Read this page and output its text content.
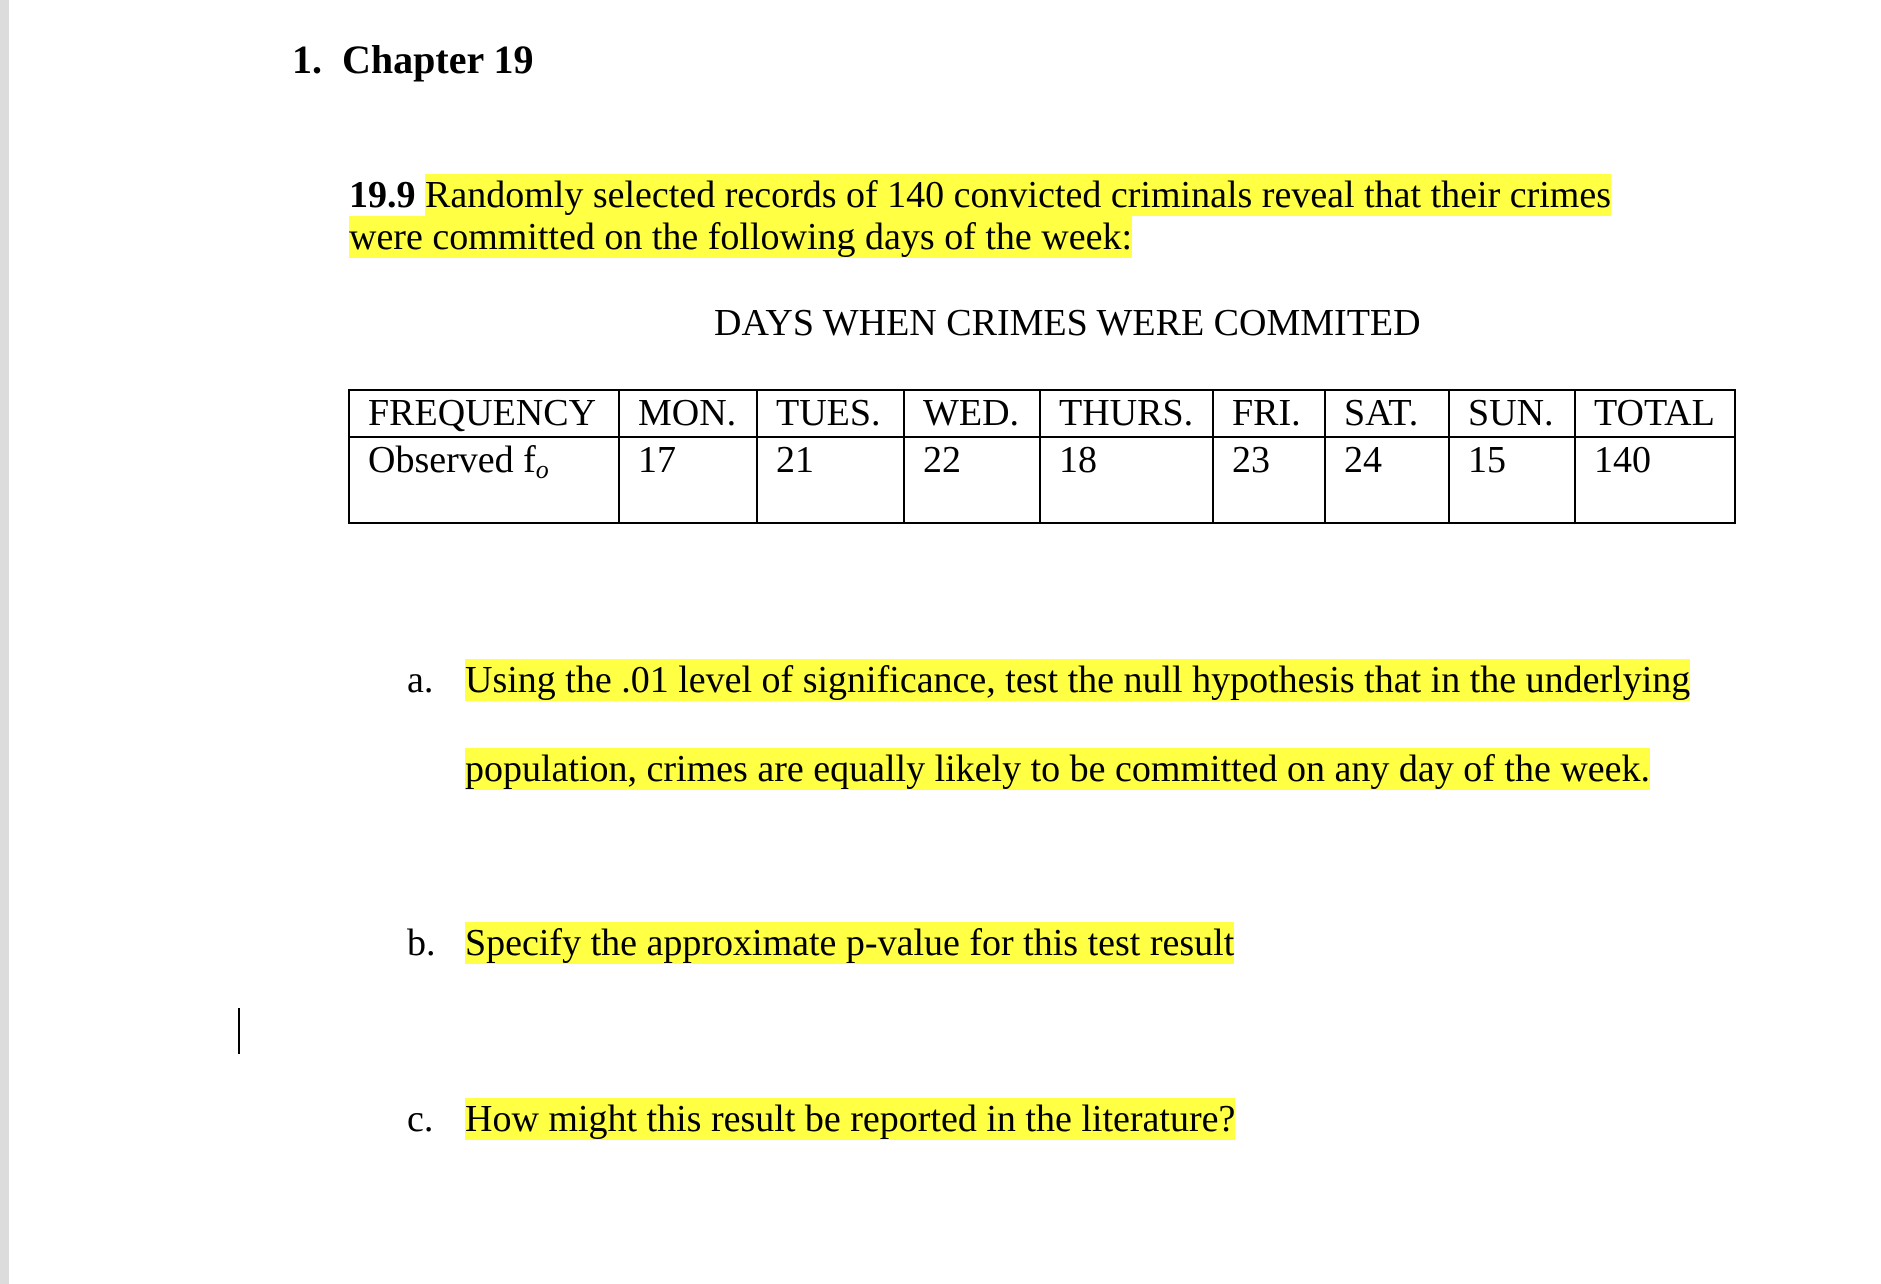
1. Chapter 19
19.9 Randomly selected records of 140 convicted criminals reveal that their crimes were committed on the following days of the week:
DAYS WHEN CRIMES WERE COMMITED
FREQUENCY	MON.	TUES.	WED.	THURS.	FRI.	SAT.	SUN.	TOTAL
Observed fo	17	21	22	18	23	24	15	140
a. Using the .01 level of significance, test the null hypothesis that in the underlying
population, crimes are equally likely to be committed on any day of the week.
b. Specify the approximate p-value for this test result
c. How might this result be reported in the literature?
